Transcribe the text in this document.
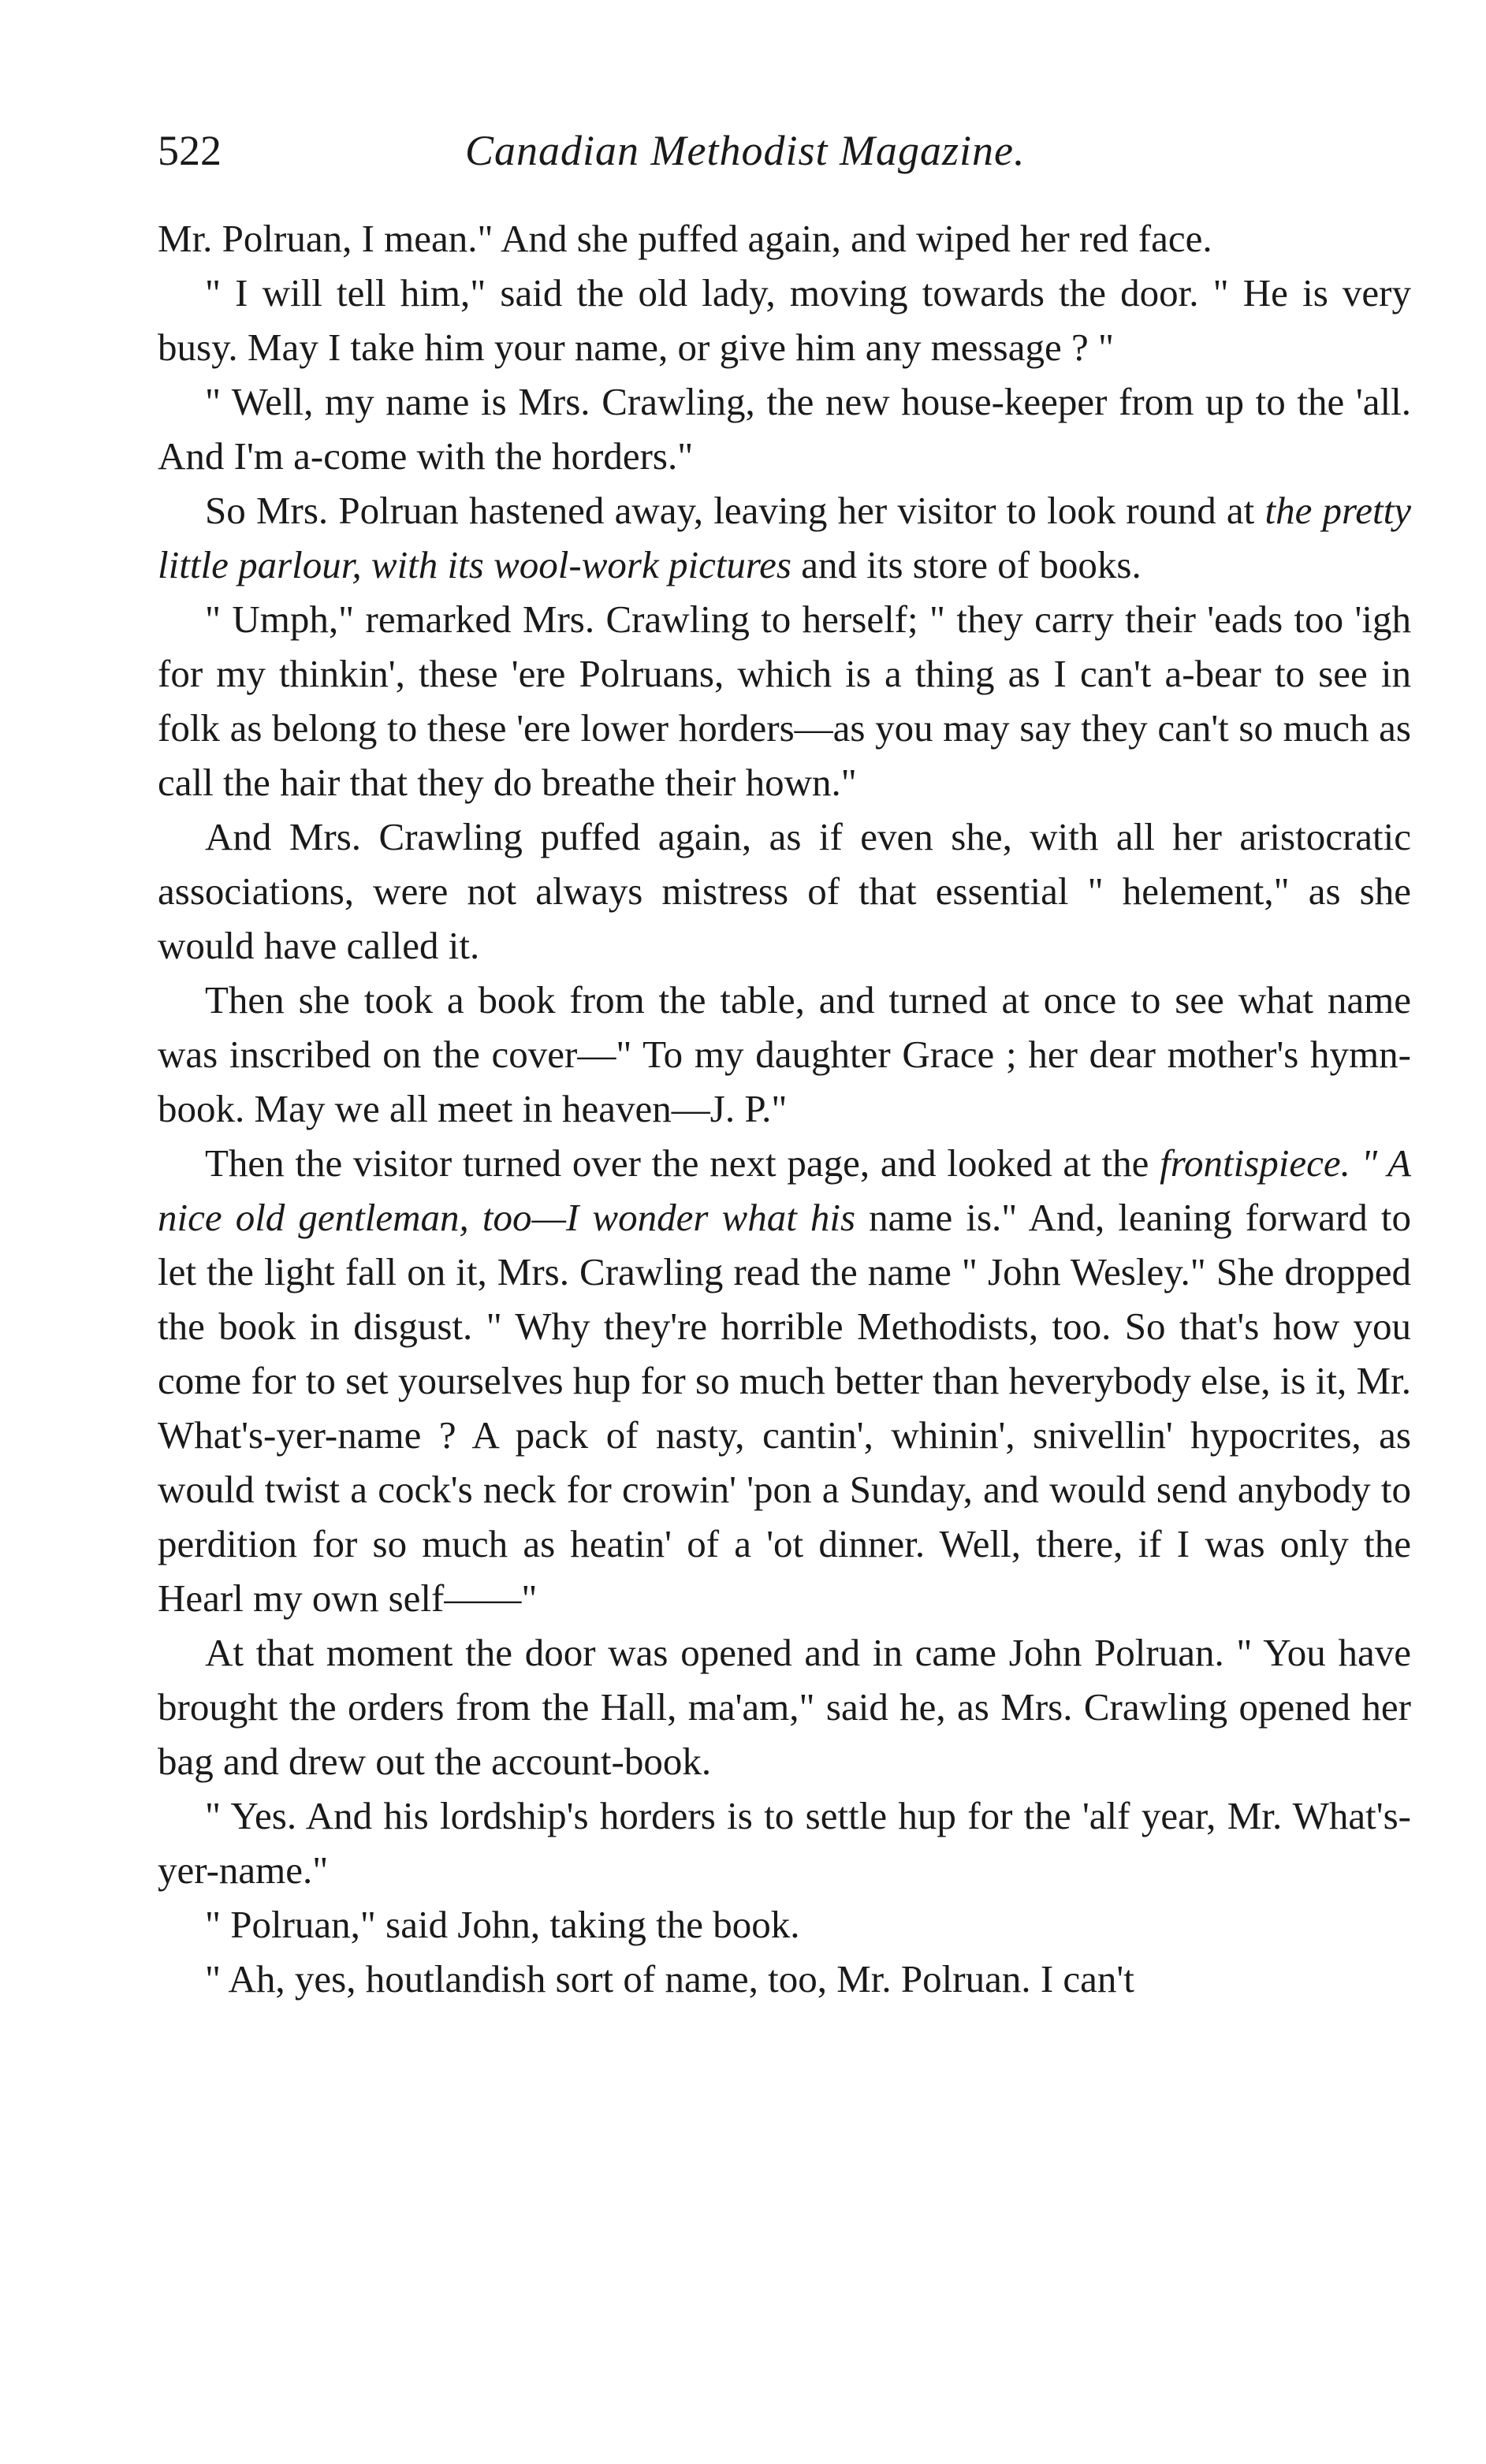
522	Canadian Methodist Magazine.

Mr. Polruan, I mean." And she puffed again, and wiped her red face.

" I will tell him," said the old lady, moving towards the door. " He is very busy. May I take him your name, or give him any message ? "

" Well, my name is Mrs. Crawling, the new house-keeper from up to the 'all. And I'm a-come with the horders."

So Mrs. Polruan hastened away, leaving her visitor to look round at the pretty little parlour, with its wool-work pictures and its store of books.

" Umph," remarked Mrs. Crawling to herself; " they carry their 'eads too 'igh for my thinkin', these 'ere Polruans, which is a thing as I can't a-bear to see in folk as belong to these 'ere lower horders—as you may say they can't so much as call the hair that they do breathe their hown."

And Mrs. Crawling puffed again, as if even she, with all her aristocratic associations, were not always mistress of that essential " helement," as she would have called it.

Then she took a book from the table, and turned at once to see what name was inscribed on the cover—" To my daughter Grace ; her dear mother's hymn-book. May we all meet in heaven—J. P."

Then the visitor turned over the next page, and looked at the frontispiece. " A nice old gentleman, too—I wonder what his name is." And, leaning forward to let the light fall on it, Mrs. Crawling read the name " John Wesley." She dropped the book in disgust. " Why they're horrible Methodists, too. So that's how you come for to set yourselves hup for so much better than heverybody else, is it, Mr. What's-yer-name ? A pack of nasty, cantin', whinin', snivellin' hypocrites, as would twist a cock's neck for crowin' 'pon a Sunday, and would send anybody to perdition for so much as heatin' of a 'ot dinner. Well, there, if I was only the Hearl my own self——"

At that moment the door was opened and in came John Polruan. " You have brought the orders from the Hall, ma'am," said he, as Mrs. Crawling opened her bag and drew out the account-book.

" Yes. And his lordship's horders is to settle hup for the 'alf year, Mr. What's-yer-name."

" Polruan," said John, taking the book.

" Ah, yes, houtlandish sort of name, too, Mr. Polruan. I can't
